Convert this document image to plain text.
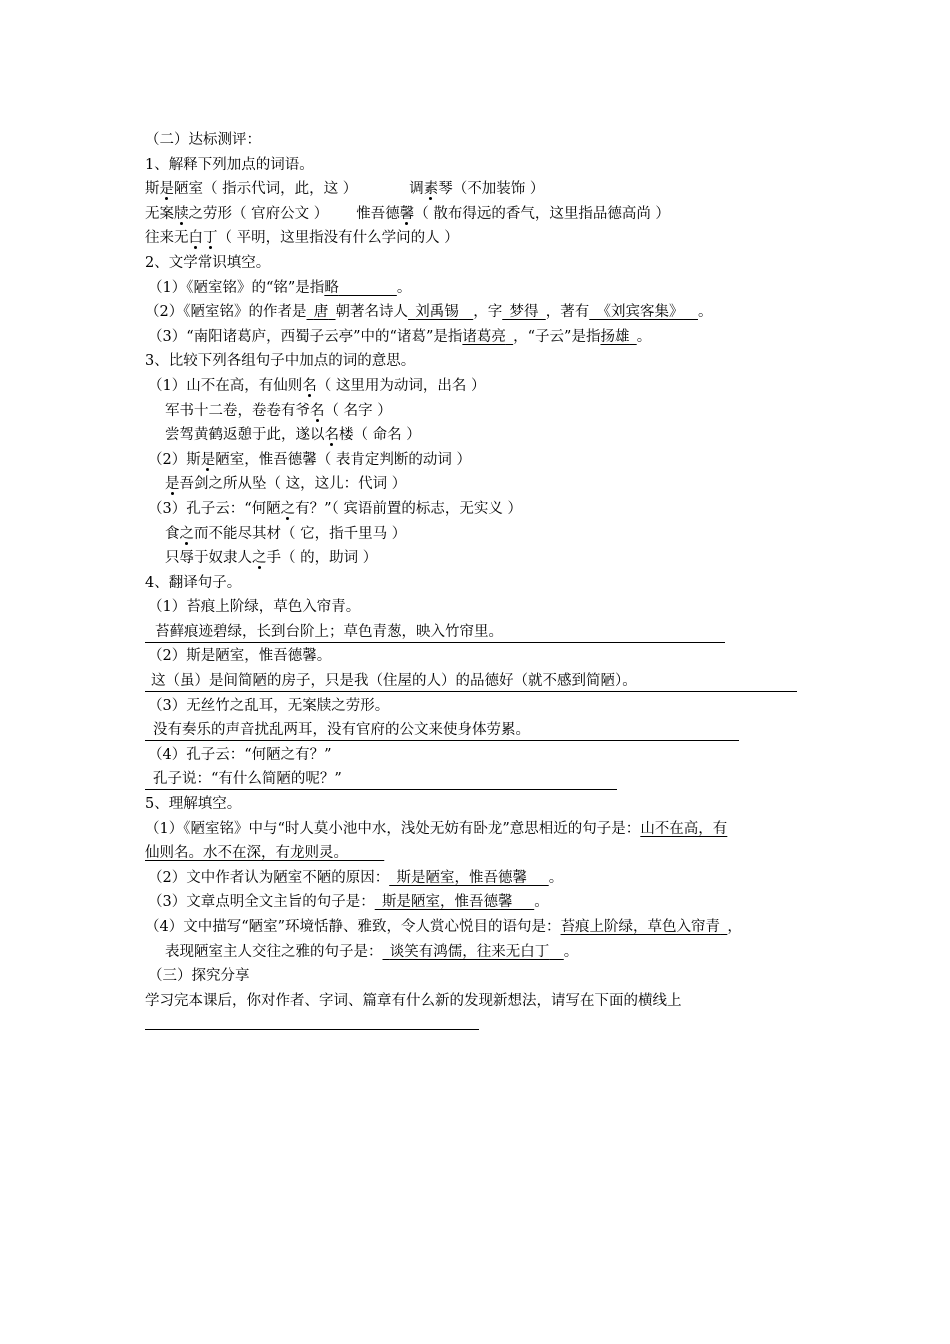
（二）达标测评：
1、解释下列加点的词语。
斯是陋室（ 指示代词，此，这 ）	调素琴（不加装饰 ）
无案牍之劳形（ 官府公文 ） 惟吾德馨（ 散布得远的香气，这里指品德高尚 ）
往来无白丁（ 平明，这里指没有什么学问的人 ）
2、文学常识填空。
（1）《陋室铭》的“铭”是指略    	。
（2）《陋室铭》的作者是  唐  朝著名诗人  刘禹锡   ，字  梦得  ，著有  《刘宾客集》   。
（3）“南阳诸葛庐，西蜀子云亭”中的“诸葛”是指诸葛亮  ，“子云”是指扬雄  。
3、比较下列各组句子中加点的词的意思。
（1）山不在高，有仙则名（ 这里用为动词，出名 ）
军书十二卷，卷卷有爷名（ 名字 ）
尝驾黄鹤返憩于此，遂以名楼（ 命名 ）
（2）斯是陋室，惟吾德馨（ 表肯定判断的动词 ）
是吾剑之所从坠（ 这，这儿：代词 ）
（3）孔子云：“何陋之有？”（ 宾语前置的标志，无实义 ）
食之而不能尽其材（ 它，指千里马 ）
只辱于奴隶人之手（ 的，助词 ）
4、翻译句子。
（1）苔痕上阶绿，草色入帘青。
苔藓痕迹碧绿，长到台阶上；草色青葱，映入竹帘里。
（2）斯是陋室，惟吾德馨。
这（虽）是间简陋的房子，只是我（住屋的人）的品德好（就不感到简陋）。
（3）无丝竹之乱耳，无案牍之劳形。
没有奏乐的声音扰乱两耳，没有官府的公文来使身体劳累。
（4）孔子云：“何陋之有？”
孔子说：“有什么简陋的呢？”
5、理解填空。
（1）《陋室铭》中与“时人莫小池中水，浅处无妨有卧龙”意思相近的句子是：山不在高，有
仙则名。水不在深，有龙则灵。   
（2）文中作者认为陋室不陋的原因：  斯是陋室，惟吾德馨   。
（3）文章点明全文主旨的句子是：  斯是陋室，惟吾德馨   。
（4）文中描写“陋室”环境恬静、雅致，令人赏心悦目的语句是：苔痕上阶绿，草色入帘青  ，
表现陋室主人交往之雅的句子是：  谈笑有鸿儒，往来无白丁  。
（三）探究分享
学习完本课后，你对作者、字词、篇章有什么新的发现新想法，请写在下面的横线上
